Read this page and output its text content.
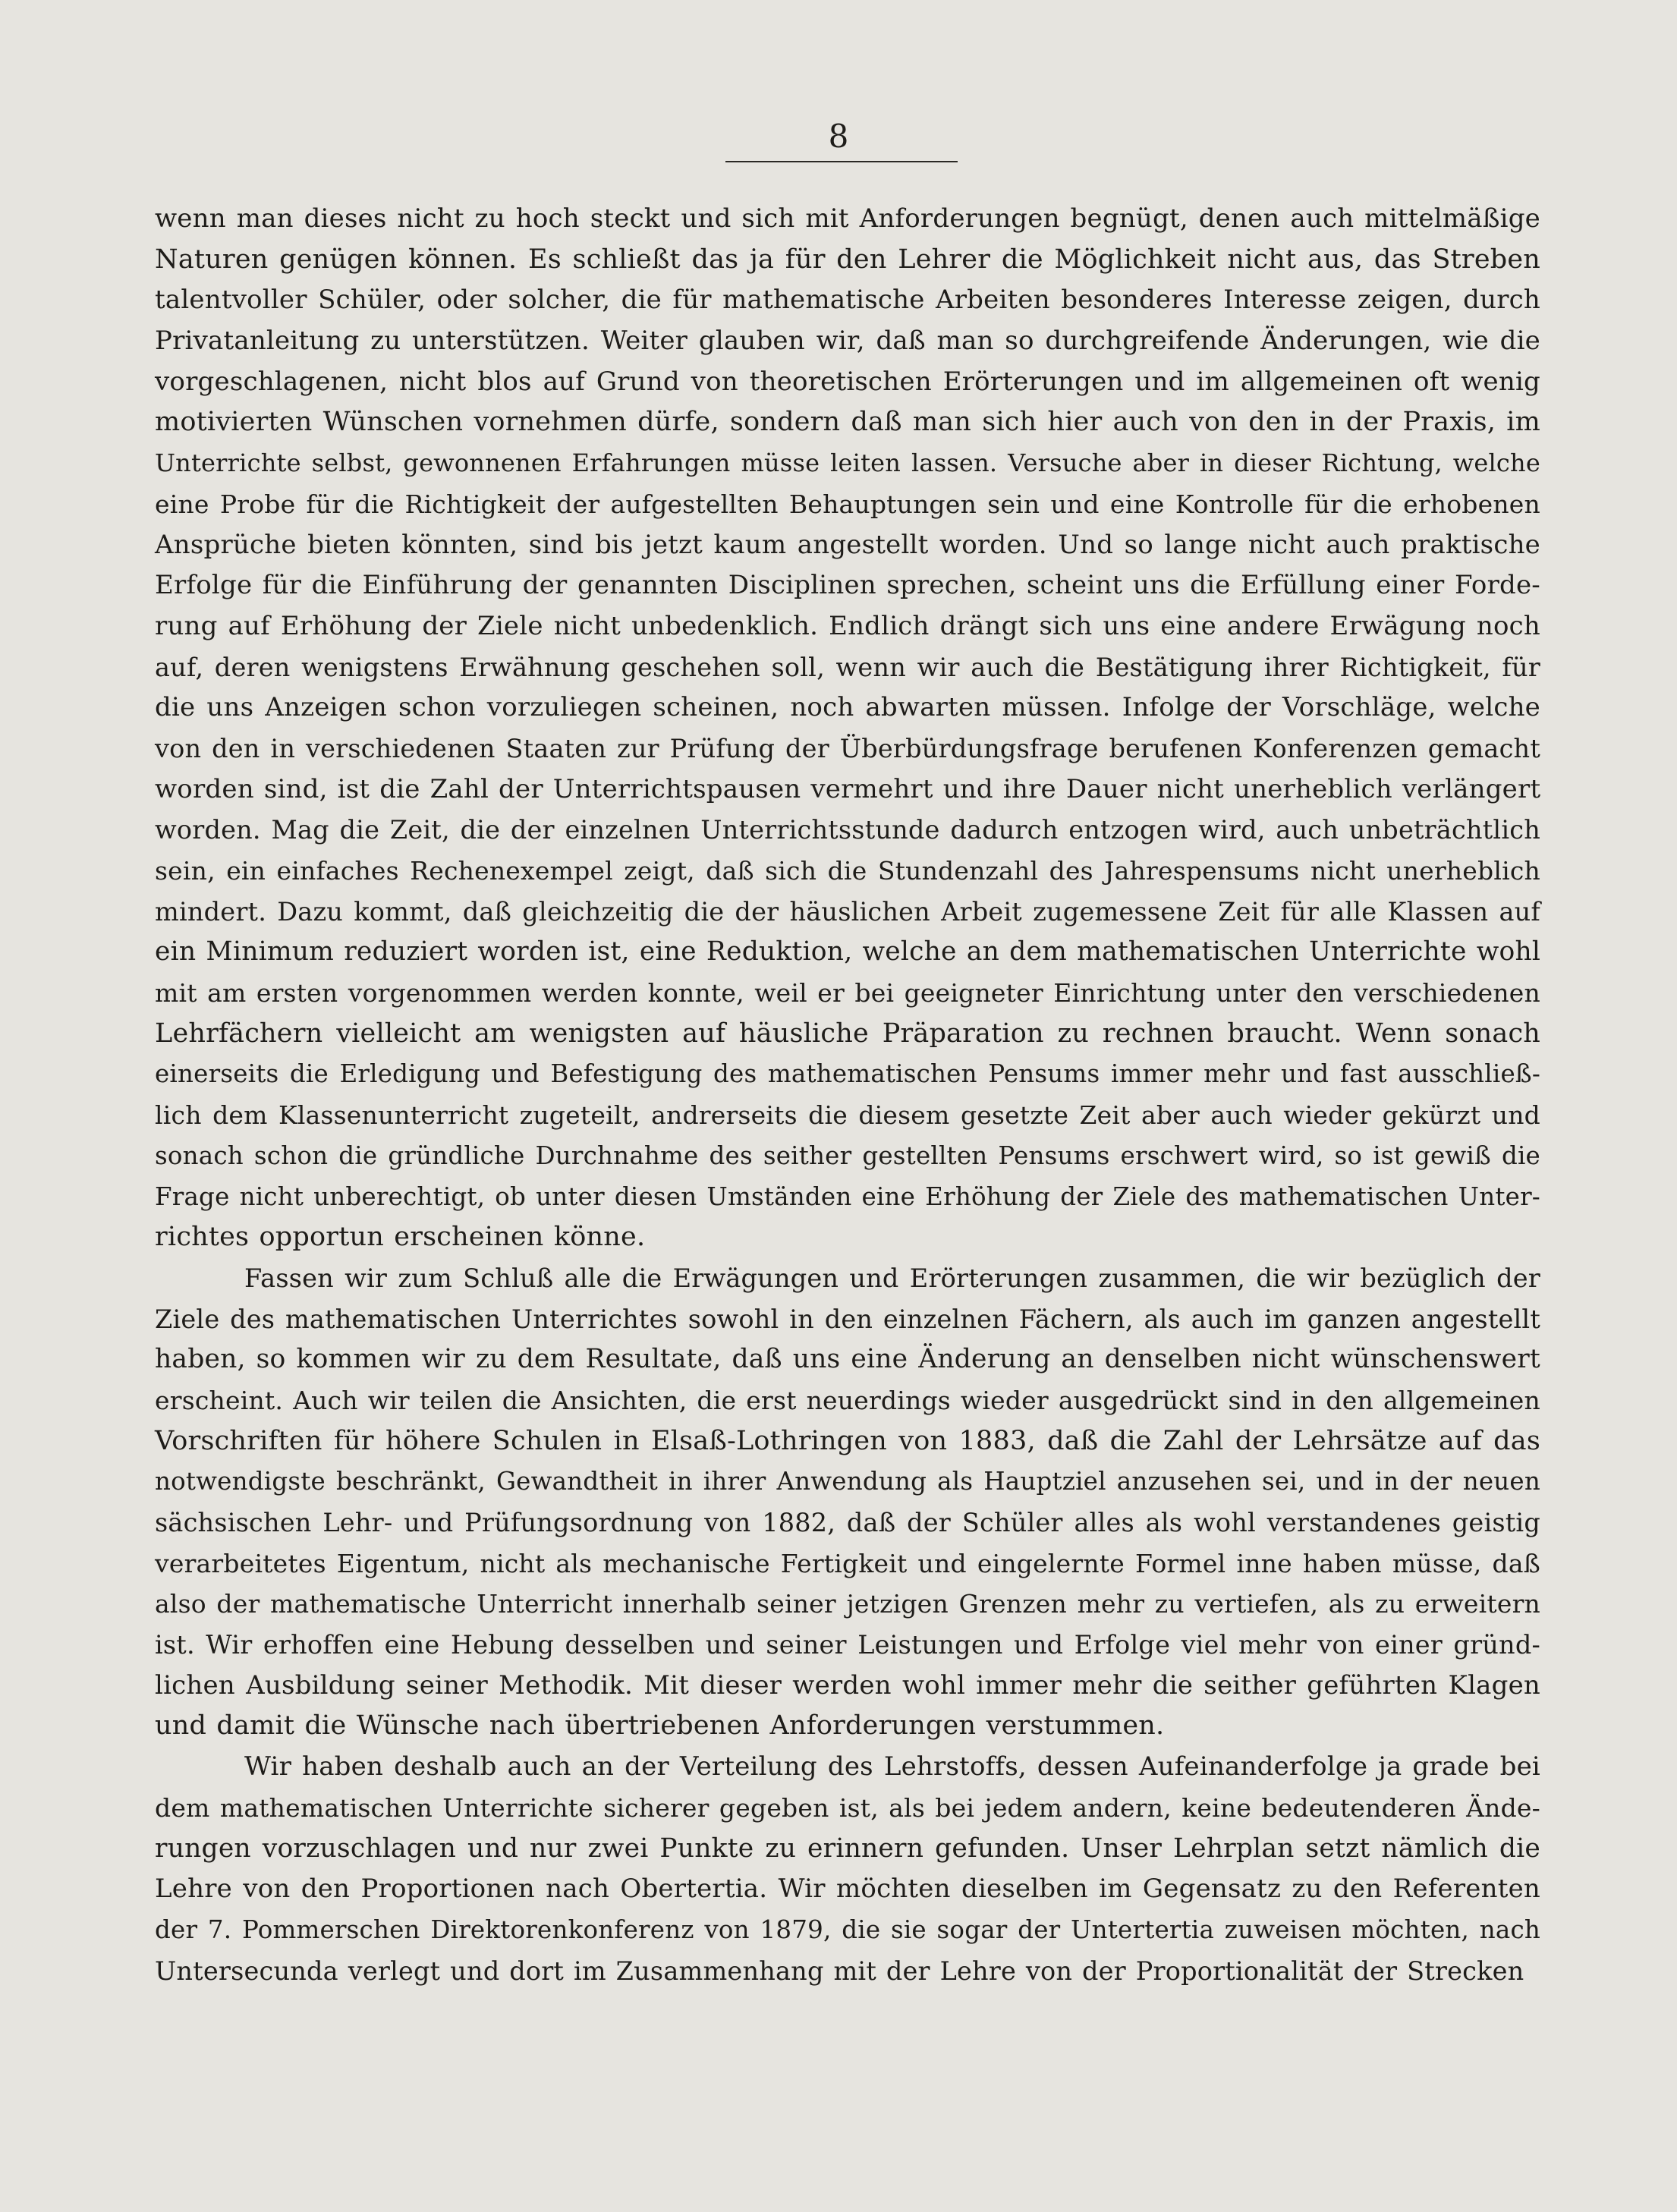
8
wenn man dieses nicht zu hoch steckt und sich mit Anforderungen begnügt, denen auch mittelmäßige
Naturen genügen können. Es schließt das ja für den Lehrer die Möglichkeit nicht aus, das Streben
talentvoller Schüler, oder solcher, die für mathematische Arbeiten besonderes Interesse zeigen, durch
Privatanleitung zu unterstützen. Weiter glauben wir, daß man so durchgreifende Änderungen, wie die
vorgeschlagenen, nicht blos auf Grund von theoretischen Erörterungen und im allgemeinen oft wenig
motivierten Wünschen vornehmen dürfe, sondern daß man sich hier auch von den in der Praxis, im
Unterrichte selbst, gewonnenen Erfahrungen müsse leiten lassen. Versuche aber in dieser Richtung, welche
eine Probe für die Richtigkeit der aufgestellten Behauptungen sein und eine Kontrolle für die erhobenen
Ansprüche bieten könnten, sind bis jetzt kaum angestellt worden. Und so lange nicht auch praktische
Erfolge für die Einführung der genannten Disciplinen sprechen, scheint uns die Erfüllung einer Forde-
rung auf Erhöhung der Ziele nicht unbedenklich. Endlich drängt sich uns eine andere Erwägung noch
auf, deren wenigstens Erwähnung geschehen soll, wenn wir auch die Bestätigung ihrer Richtigkeit, für
die uns Anzeigen schon vorzuliegen scheinen, noch abwarten müssen. Infolge der Vorschläge, welche
von den in verschiedenen Staaten zur Prüfung der Überbürdungsfrage berufenen Konferenzen gemacht
worden sind, ist die Zahl der Unterrichtspausen vermehrt und ihre Dauer nicht unerheblich verlängert
worden. Mag die Zeit, die der einzelnen Unterrichtsstunde dadurch entzogen wird, auch unbeträchtlich
sein, ein einfaches Rechenexempel zeigt, daß sich die Stundenzahl des Jahrespensums nicht unerheblich
mindert. Dazu kommt, daß gleichzeitig die der häuslichen Arbeit zugemessene Zeit für alle Klassen auf
ein Minimum reduziert worden ist, eine Reduktion, welche an dem mathematischen Unterrichte wohl
mit am ersten vorgenommen werden konnte, weil er bei geeigneter Einrichtung unter den verschiedenen
Lehrfächern vielleicht am wenigsten auf häusliche Präparation zu rechnen braucht. Wenn sonach
einerseits die Erledigung und Befestigung des mathematischen Pensums immer mehr und fast ausschließ-
lich dem Klassenunterricht zugeteilt, andrerseits die diesem gesetzte Zeit aber auch wieder gekürzt und
sonach schon die gründliche Durchnahme des seither gestellten Pensums erschwert wird, so ist gewiß die
Frage nicht unberechtigt, ob unter diesen Umständen eine Erhöhung der Ziele des mathematischen Unter-
richtes opportun erscheinen könne.
Fassen wir zum Schluß alle die Erwägungen und Erörterungen zusammen, die wir bezüglich der
Ziele des mathematischen Unterrichtes sowohl in den einzelnen Fächern, als auch im ganzen angestellt
haben, so kommen wir zu dem Resultate, daß uns eine Änderung an denselben nicht wünschenswert
erscheint. Auch wir teilen die Ansichten, die erst neuerdings wieder ausgedrückt sind in den allgemeinen
Vorschriften für höhere Schulen in Elsaß-Lothringen von 1883, daß die Zahl der Lehrsätze auf das
notwendigste beschränkt, Gewandtheit in ihrer Anwendung als Hauptziel anzusehen sei, und in der neuen
sächsischen Lehr- und Prüfungsordnung von 1882, daß der Schüler alles als wohl verstandenes geistig
verarbeitetes Eigentum, nicht als mechanische Fertigkeit und eingelernte Formel inne haben müsse, daß
also der mathematische Unterricht innerhalb seiner jetzigen Grenzen mehr zu vertiefen, als zu erweitern
ist. Wir erhoffen eine Hebung desselben und seiner Leistungen und Erfolge viel mehr von einer gründ-
lichen Ausbildung seiner Methodik. Mit dieser werden wohl immer mehr die seither geführten Klagen
und damit die Wünsche nach übertriebenen Anforderungen verstummen.
Wir haben deshalb auch an der Verteilung des Lehrstoffs, dessen Aufeinanderfolge ja grade bei
dem mathematischen Unterrichte sicherer gegeben ist, als bei jedem andern, keine bedeutenderen Ände-
rungen vorzuschlagen und nur zwei Punkte zu erinnern gefunden. Unser Lehrplan setzt nämlich die
Lehre von den Proportionen nach Obertertia. Wir möchten dieselben im Gegensatz zu den Referenten
der 7. Pommerschen Direktorenkonferenz von 1879, die sie sogar der Untertertia zuweisen möchten, nach
Untersecunda verlegt und dort im Zusammenhang mit der Lehre von der Proportionalität der Strecken
